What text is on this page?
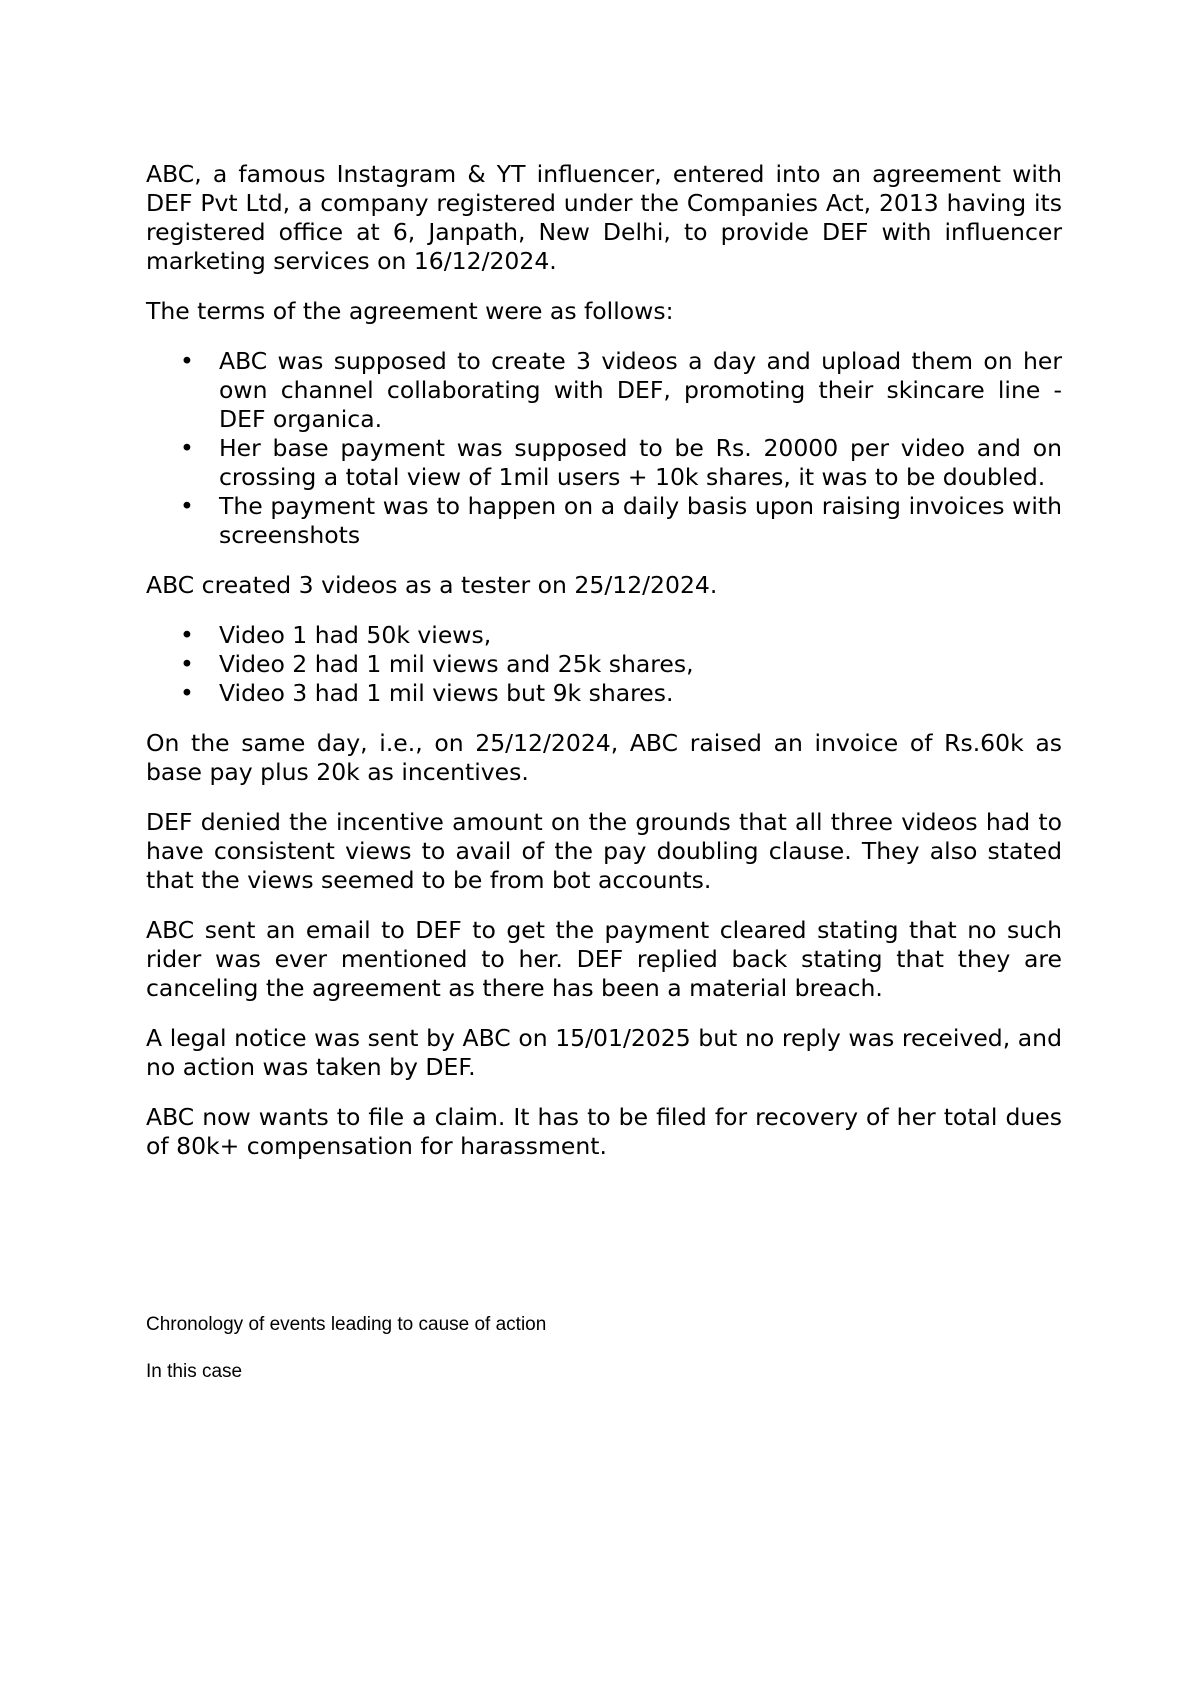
ABC, a famous Instagram & YT influencer, entered into an agreement with DEF Pvt Ltd, a company registered under the Companies Act, 2013 having its registered office at 6, Janpath, New Delhi, to provide DEF with influencer marketing services on 16/12/2024.

The terms of the agreement were as follows:

• ABC was supposed to create 3 videos a day and upload them on her own channel collaborating with DEF, promoting their skincare line - DEF organica.
• Her base payment was supposed to be Rs. 20000 per video and on crossing a total view of 1mil users + 10k shares, it was to be doubled.
• The payment was to happen on a daily basis upon raising invoices with screenshots

ABC created 3 videos as a tester on 25/12/2024.

• Video 1 had 50k views,
• Video 2 had 1 mil views and 25k shares,
• Video 3 had 1 mil views but 9k shares.

On the same day, i.e., on 25/12/2024, ABC raised an invoice of Rs.60k as base pay plus 20k as incentives.

DEF denied the incentive amount on the grounds that all three videos had to have consistent views to avail of the pay doubling clause. They also stated that the views seemed to be from bot accounts.

ABC sent an email to DEF to get the payment cleared stating that no such rider was ever mentioned to her. DEF replied back stating that they are canceling the agreement as there has been a material breach.

A legal notice was sent by ABC on 15/01/2025 but no reply was received, and no action was taken by DEF.

ABC now wants to file a claim. It has to be filed for recovery of her total dues of 80k+ compensation for harassment.

Chronology of events leading to cause of action

In this case
